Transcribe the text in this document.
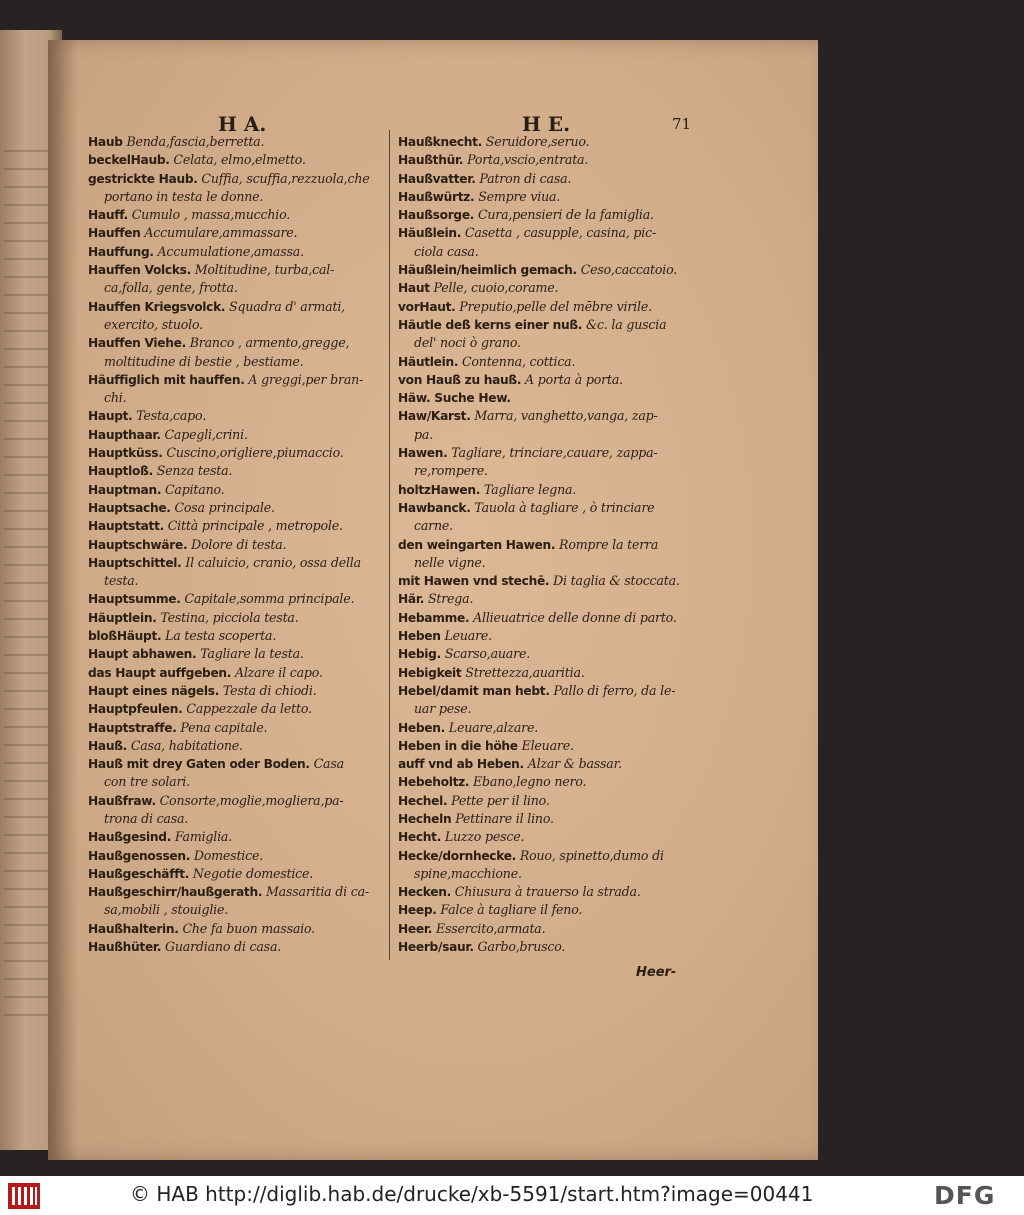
H A.	H E.	71
Haub Benda,fascia,berretta.
beckelHaub. Celata, elmo,elmetto.
gestrickte Haub. Cuffia, scuffia,rezzuola,che
portano in testa le donne.
Hauff. Cumulo , massa,mucchio.
Hauffen Accumulare,ammassare.
Hauffung. Accumulatione,amassa.
Hauffen Volcks. Moltitudine, turba,cal-
ca,folla, gente, frotta.
Hauffen Kriegsvolck. Squadra d' armati,
exercito, stuolo.
Hauffen Viehe. Branco , armento,gregge,
moltitudine di bestie , bestiame.
Häuffiglich mit hauffen. A greggi,per bran-
chi.
Haupt. Testa,capo.
Haupthaar. Capegli,crini.
Hauptküss. Cuscino,origliere,piumaccio.
Hauptloß. Senza testa.
Hauptman. Capitano.
Hauptsache. Cosa principale.
Hauptstatt. Città principale , metropole.
Hauptschwäre. Dolore di testa.
Hauptschittel. Il caluicio, cranio, ossa della
testa.
Hauptsumme. Capitale,somma principale.
Häuptlein. Testina, picciola testa.
bloßHäupt. La testa scoperta.
Haupt abhawen. Tagliare la testa.
das Haupt auffgeben. Alzare il capo.
Haupt eines nägels. Testa di chiodi.
Hauptpfeulen. Cappezzale da letto.
Hauptstraffe. Pena capitale.
Hauß. Casa, habitatione.
Hauß mit drey Gaten oder Boden. Casa
con tre solari.
Haußfraw. Consorte,moglie,mogliera,pa-
trona di casa.
Haußgesind. Famiglia.
Haußgenossen. Domestice.
Haußgeschäfft. Negotie domestice.
Haußgeschirr/haußgerath. Massaritia di ca-
sa,mobili , stouiglie.
Haußhalterin. Che fa buon massaio.
Haußhüter. Guardiano di casa.
Haußknecht. Seruidore,seruo.
Haußthür. Porta,vscio,entrata.
Haußvatter. Patron di casa.
Haußwürtz. Sempre viua.
Haußsorge. Cura,pensieri de la famiglia.
Häußlein. Casetta , casupple, casina, pic-
ciola casa.
Häußlein/heimlich gemach. Ceso,caccatoio.
Haut Pelle, cuoio,corame.
vorHaut. Preputio,pelle del mēbre virile.
Häutle deß kerns einer nuß. &c. la guscia
del' noci ò grano.
Häutlein. Contenna, cottica.
von Hauß zu hauß. A porta à porta.
Häw. Suche Hew.
Haw/Karst. Marra, vanghetto,vanga, zap-
pa.
Hawen. Tagliare, trinciare,cauare, zappa-
re,rompere.
holtzHawen. Tagliare legna.
Hawbanck. Tauola à tagliare , ò trinciare
carne.
den weingarten Hawen. Rompre la terra
nelle vigne.
mit Hawen vnd stechē. Di taglia & stoccata.
Här. Strega.
Hebamme. Allieuatrice delle donne di parto.
Heben Leuare.
Hebig. Scarso,auare.
Hebigkeit Strettezza,auaritia.
Hebel/damit man hebt. Pallo di ferro, da le-
uar pese.
Heben. Leuare,alzare.
Heben in die höhe Eleuare.
auff vnd ab Heben. Alzar & bassar.
Hebeholtz. Ebano,legno nero.
Hechel. Pette per il lino.
Hecheln Pettinare il lino.
Hecht. Luzzo pesce.
Hecke/dornhecke. Rouo, spinetto,dumo di
spine,macchione.
Hecken. Chiusura à trauerso la strada.
Heep. Falce à tagliare il feno.
Heer. Essercito,armata.
Heerb/saur. Garbo,brusco.
Heer-
© HAB http://diglib.hab.de/drucke/xb-5591/start.htm?image=00441	DFG
